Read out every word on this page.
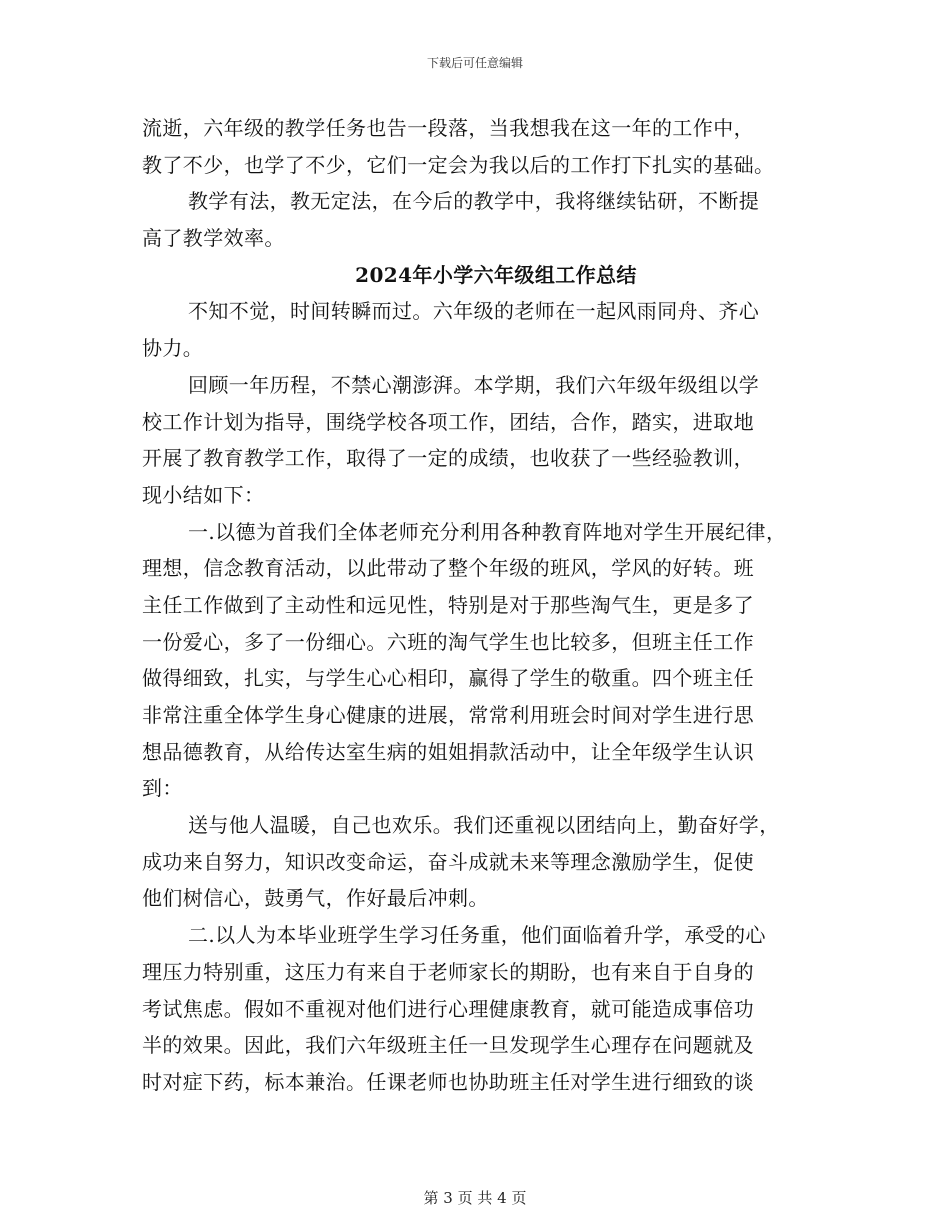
下载后可任意编辑
流逝，六年级的教学任务也告一段落，当我想我在这一年的工作中，
教了不少，也学了不少，它们一定会为我以后的工作打下扎实的基础。
教学有法，教无定法，在今后的教学中，我将继续钻研，不断提
高了教学效率。
2024年小学六年级组工作总结
不知不觉，时间转瞬而过。六年级的老师在一起风雨同舟、齐心
协力。
回顾一年历程，不禁心潮澎湃。本学期，我们六年级年级组以学
校工作计划为指导，围绕学校各项工作，团结，合作，踏实，进取地
开展了教育教学工作，取得了一定的成绩，也收获了一些经验教训，
现小结如下：
一.以德为首我们全体老师充分利用各种教育阵地对学生开展纪律，
理想，信念教育活动，以此带动了整个年级的班风，学风的好转。班
主任工作做到了主动性和远见性，特别是对于那些淘气生，更是多了
一份爱心，多了一份细心。六班的淘气学生也比较多，但班主任工作
做得细致，扎实，与学生心心相印，赢得了学生的敬重。四个班主任
非常注重全体学生身心健康的进展，常常利用班会时间对学生进行思
想品德教育，从给传达室生病的姐姐捐款活动中，让全年级学生认识
到：
送与他人温暖，自己也欢乐。我们还重视以团结向上，勤奋好学，
成功来自努力，知识改变命运，奋斗成就未来等理念激励学生，促使
他们树信心，鼓勇气，作好最后冲刺。
二.以人为本毕业班学生学习任务重，他们面临着升学，承受的心
理压力特别重，这压力有来自于老师家长的期盼，也有来自于自身的
考试焦虑。假如不重视对他们进行心理健康教育，就可能造成事倍功
半的效果。因此，我们六年级班主任一旦发现学生心理存在问题就及
时对症下药，标本兼治。任课老师也协助班主任对学生进行细致的谈
第 3 页 共 4 页
